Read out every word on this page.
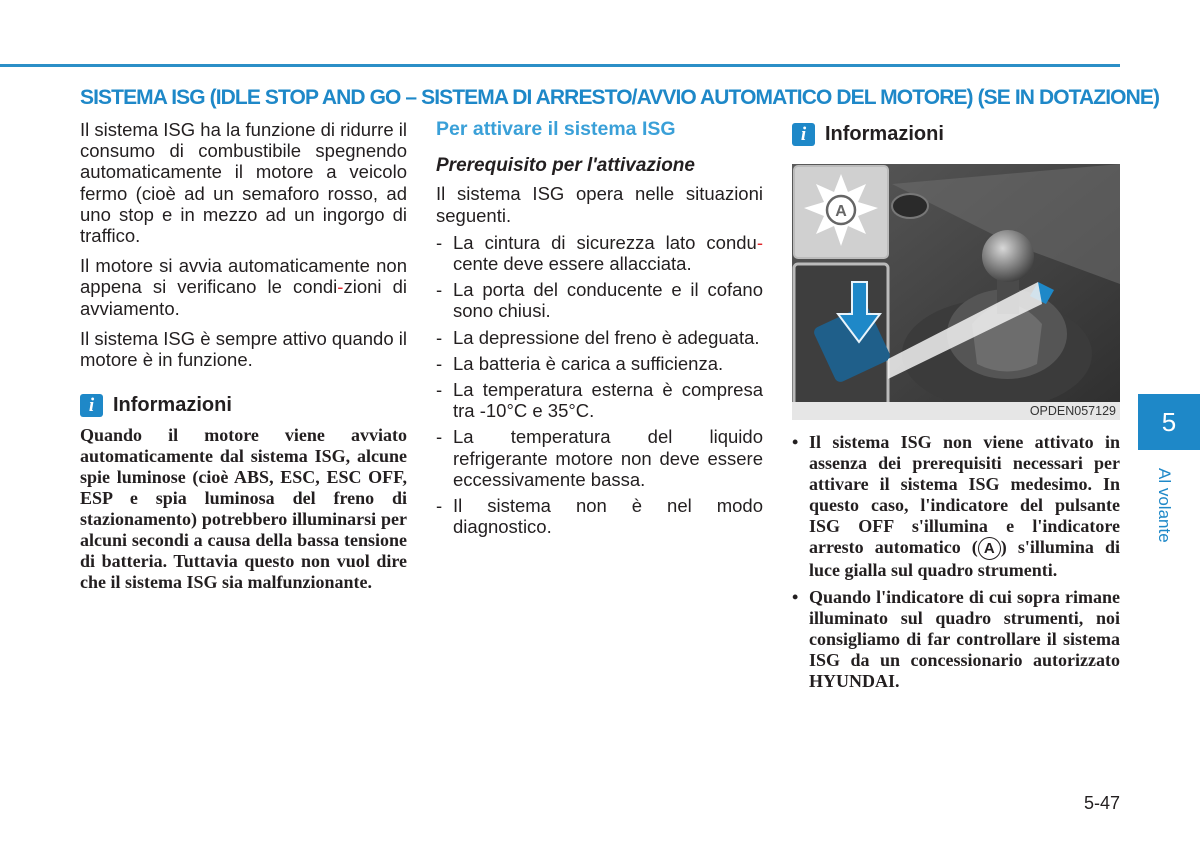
SISTEMA ISG (IDLE STOP AND GO – SISTEMA DI ARRESTO/AVVIO AUTOMATICO DEL MOTORE) (SE IN DOTAZIONE)

Il sistema ISG ha la funzione di ridurre il consumo di combustibile spegnendo automaticamente il motore a veicolo fermo (cioè ad un semaforo rosso, ad uno stop e in mezzo ad un ingorgo di traffico.

Il motore si avvia automaticamente non appena si verificano le condi-zioni di avviamento.

Il sistema ISG è sempre attivo quando il motore è in funzione.

i Informazioni
Quando il motore viene avviato automaticamente dal sistema ISG, alcune spie luminose (cioè ABS, ESC, ESC OFF, ESP e spia luminosa del freno di stazionamento) potrebbero illuminarsi per alcuni secondi a causa della bassa tensione di batteria. Tuttavia questo non vuol dire che il sistema ISG sia malfunzionante.
Per attivare il sistema ISG
Prerequisito per l'attivazione
Il sistema ISG opera nelle situazioni seguenti.
- La cintura di sicurezza lato condu- cente deve essere allacciata.
- La porta del conducente e il cofano sono chiusi.
- La depressione del freno è adeguata.
- La batteria è carica a sufficienza.
- La temperatura esterna è compresa tra -10°C e 35°C.
- La temperatura del liquido refrigerante motore non deve essere eccessivamente bassa.
- Il sistema non è nel modo diagnostico.
i Informazioni
A
OPDEN057129
• Il sistema ISG non viene attivato in assenza dei prerequisiti necessari per attivare il sistema ISG medesimo. In questo caso, l'indicatore del pulsante ISG OFF s'illumina e l'indicatore arresto automatico ( A ) s'illumina di luce gialla sul quadro strumenti.
• Quando l'indicatore di cui sopra rimane illuminato sul quadro strumenti, noi consigliamo di far controllare il sistema ISG da un concessionario autorizzato HYUNDAI.
5
Al volante
5-47
